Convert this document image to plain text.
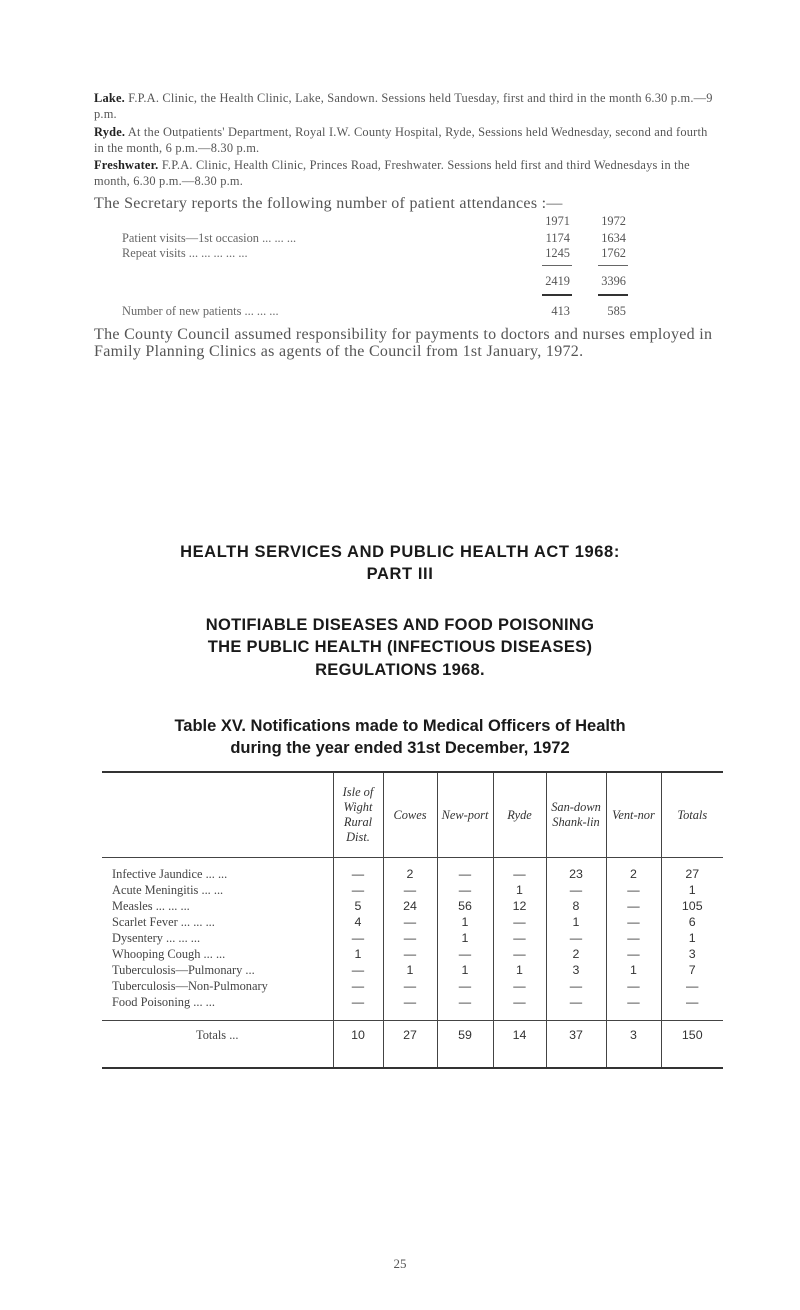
Lake. F.P.A. Clinic, the Health Clinic, Lake, Sandown. Sessions held Tuesday, first and third in the month 6.30 p.m.—9 p.m.
Ryde. At the Outpatients' Department, Royal I.W. County Hospital, Ryde, Sessions held Wednesday, second and fourth in the month, 6 p.m.—8.30 p.m.
Freshwater. F.P.A. Clinic, Health Clinic, Princes Road, Freshwater. Sessions held first and third Wednesdays in the month, 6.30 p.m.—8.30 p.m.
The Secretary reports the following number of patient attendances :—
1971	1972
Patient visits—1st occasion ... ... ...	1174	1634
Repeat visits ... ... ... ... ...	1245	1762
2419	3396
Number of new patients ... ... ...	413	585
The County Council assumed responsibility for payments to doctors and nurses employed in Family Planning Clinics as agents of the Council from 1st January, 1972.
HEALTH SERVICES AND PUBLIC HEALTH ACT 1968:
PART III
NOTIFIABLE DISEASES AND FOOD POISONING
THE PUBLIC HEALTH (INFECTIOUS DISEASES)
REGULATIONS 1968.
Table XV. Notifications made to Medical Officers of Health
during the year ended 31st December, 1972
	Isle of Wight Rural Dist.	Cowes	New-port	Ryde	San-down Shank-lin	Vent-nor	Totals
Infective Jaundice ... ...	—	2	—	—	23	2	27
Acute Meningitis ... ...	—	—	—	1	—	—	1
Measles ... ... ...	5	24	56	12	8	—	105
Scarlet Fever ... ... ...	4	—	1	—	1	—	6
Dysentery ... ... ...	—	—	1	—	—	—	1
Whooping Cough ... ...	1	—	—	—	2	—	3
Tuberculosis—Pulmonary ...	—	1	1	1	3	1	7
Tuberculosis—Non-Pulmonary	—	—	—	—	—	—	—
Food Poisoning ... ...	—	—	—	—	—	—	—
Totals ...	10	27	59	14	37	3	150
25
